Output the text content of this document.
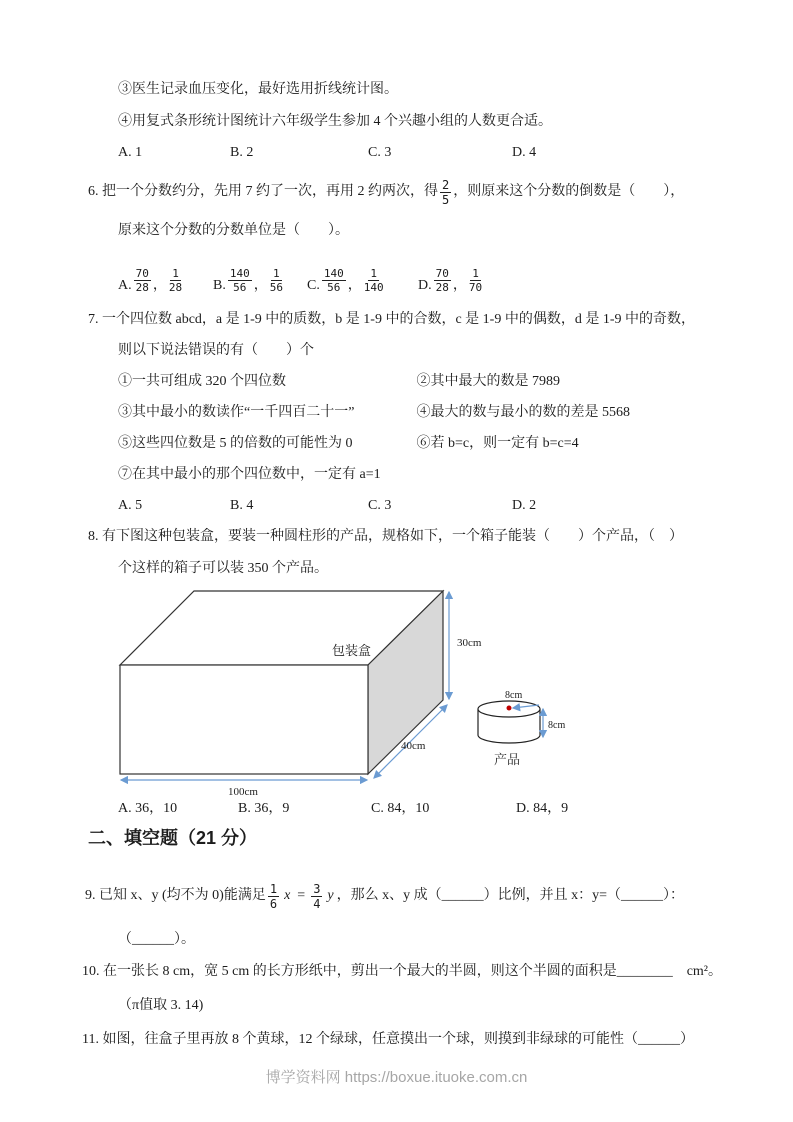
③医生记录血压变化，最好选用折线统计图。
④用复式条形统计图统计六年级学生参加 4 个兴趣小组的人数更合适。
A. 1	B. 2	C. 3	D. 4
6. 把一个分数约分，先用 7 约了一次，再用 2 约两次，得 $\frac{2}{5}$ ，则原来这个分数的倒数是（　　），
原来这个分数的分数单位是（　　）。
A. $\frac{70}{28}$ ， $\frac{1}{28} B$. $\frac{140}{56}$ ， $\frac{1}{56} C$. $\frac{140}{56}$ ， $\frac{1}{140} D$. $\frac{70}{28}$ ， $\frac{1}{70}$
7. 一个四位数 abcd，a 是 1-9 中的质数，b 是 1-9 中的合数，c 是 1-9 中的偶数，d 是 1-9 中的奇数，
则以下说法错误的有（　　）个
①一共可组成 320 个四位数	②其中最大的数是 7989
③其中最小的数读作“一千四百二十一”	④最大的数与最小的数的差是 5568
⑤这些四位数是 5 的倍数的可能性为 0	⑥若 b=c，则一定有 b=c=4
⑦在其中最小的那个四位数中，一定有 a=1
A. 5	B. 4	C. 3	D. 2
8. 有下图这种包装盒，要装一种圆柱形的产品，规格如下，一个箱子能装（　　）个产品，（　）
个这样的箱子可以装 350 个产品。
包装盒	30cm
40cm
100cm
8cm
8cm
产品
A. 36，10	B. 36，9	C. 84，10	D. 84，9
二、填空题（21 分）
9. 已知 x、y (均不为 0)能满足 $\frac{1}{6}$ $x = \frac{3}{4}$ y ，那么 x、y 成（______）比例，并且 x：y=（______）：
（______）。
10. 在一张长 8 cm，宽 5 cm 的长方形纸中，剪出一个最大的半圆，则这个半圆的面积是________　cm²。
（π值取 3. 14)
11. 如图，往盒子里再放 8 个黄球，12 个绿球，任意摸出一个球，则摸到非绿球的可能性（______）
博学资料网 https://boxue.ituoke.com.cn
